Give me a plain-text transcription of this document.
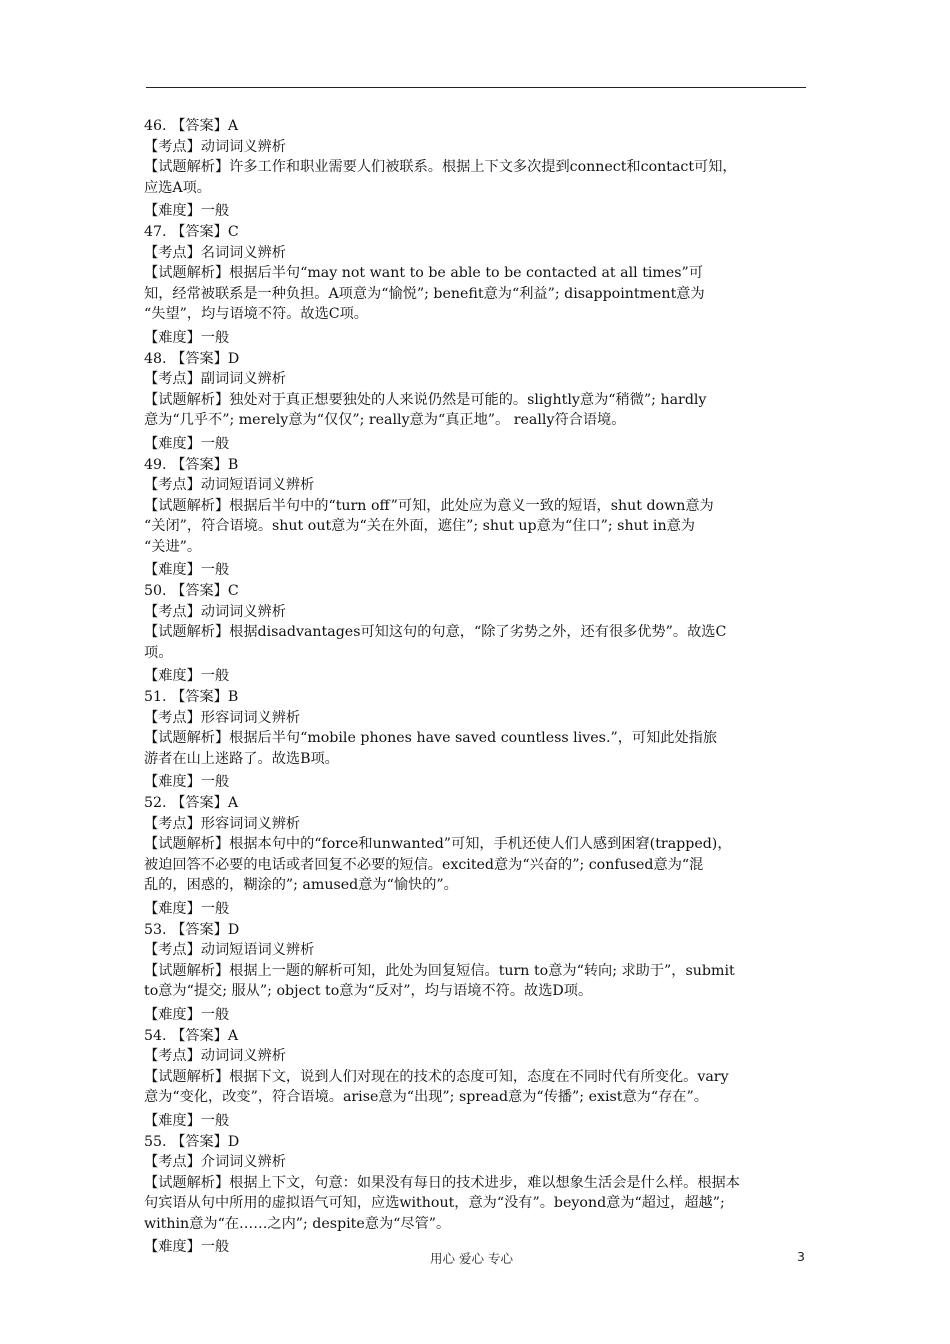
46. 【答案】A
【考点】动词词义辨析
【试题解析】许多工作和职业需要人们被联系。根据上下文多次提到connect和contact可知，
应选A项。
【难度】一般
47. 【答案】C
【考点】名词词义辨析
【试题解析】根据后半句“may not want to be able to be contacted at all times”可
知，经常被联系是一种负担。A项意为“愉悦”; benefit意为“利益”; disappointment意为
“失望”，均与语境不符。故选C项。
【难度】一般
48. 【答案】D
【考点】副词词义辨析
【试题解析】独处对于真正想要独处的人来说仍然是可能的。slightly意为“稍微”; hardly
意为“几乎不”; merely意为“仅仅”; really意为“真正地”。 really符合语境。
【难度】一般
49. 【答案】B
【考点】动词短语词义辨析
【试题解析】根据后半句中的“turn off”可知，此处应为意义一致的短语，shut down意为
“关闭”，符合语境。shut out意为“关在外面，遮住”; shut up意为“住口”; shut in意为
“关进”。
【难度】一般
50. 【答案】C
【考点】动词词义辨析
【试题解析】根据disadvantages可知这句的句意，“除了劣势之外，还有很多优势”。故选C
项。
【难度】一般
51. 【答案】B
【考点】形容词词义辨析
【试题解析】根据后半句“mobile phones have saved countless lives.”，可知此处指旅
游者在山上迷路了。故选B项。
【难度】一般
52. 【答案】A
【考点】形容词词义辨析
【试题解析】根据本句中的“force和unwanted”可知，手机还使人们人感到困窘(trapped)，
被迫回答不必要的电话或者回复不必要的短信。excited意为“兴奋的”; confused意为“混
乱的，困惑的，糊涂的”; amused意为“愉快的”。
【难度】一般
53. 【答案】D
【考点】动词短语词义辨析
【试题解析】根据上一题的解析可知，此处为回复短信。turn to意为“转向; 求助于”，submit
to意为“提交; 服从”; object to意为“反对”，均与语境不符。故选D项。
【难度】一般
54. 【答案】A
【考点】动词词义辨析
【试题解析】根据下文，说到人们对现在的技术的态度可知，态度在不同时代有所变化。vary
意为“变化，改变”，符合语境。arise意为“出现”; spread意为“传播”; exist意为“存在”。
【难度】一般
55. 【答案】D
【考点】介词词义辨析
【试题解析】根据上下文，句意：如果没有每日的技术进步，难以想象生活会是什么样。根据本
句宾语从句中所用的虚拟语气可知，应选without，意为“没有”。beyond意为“超过，超越”;
within意为“在……之内”; despite意为“尽管”。
【难度】一般
用心 爱心 专心	3
